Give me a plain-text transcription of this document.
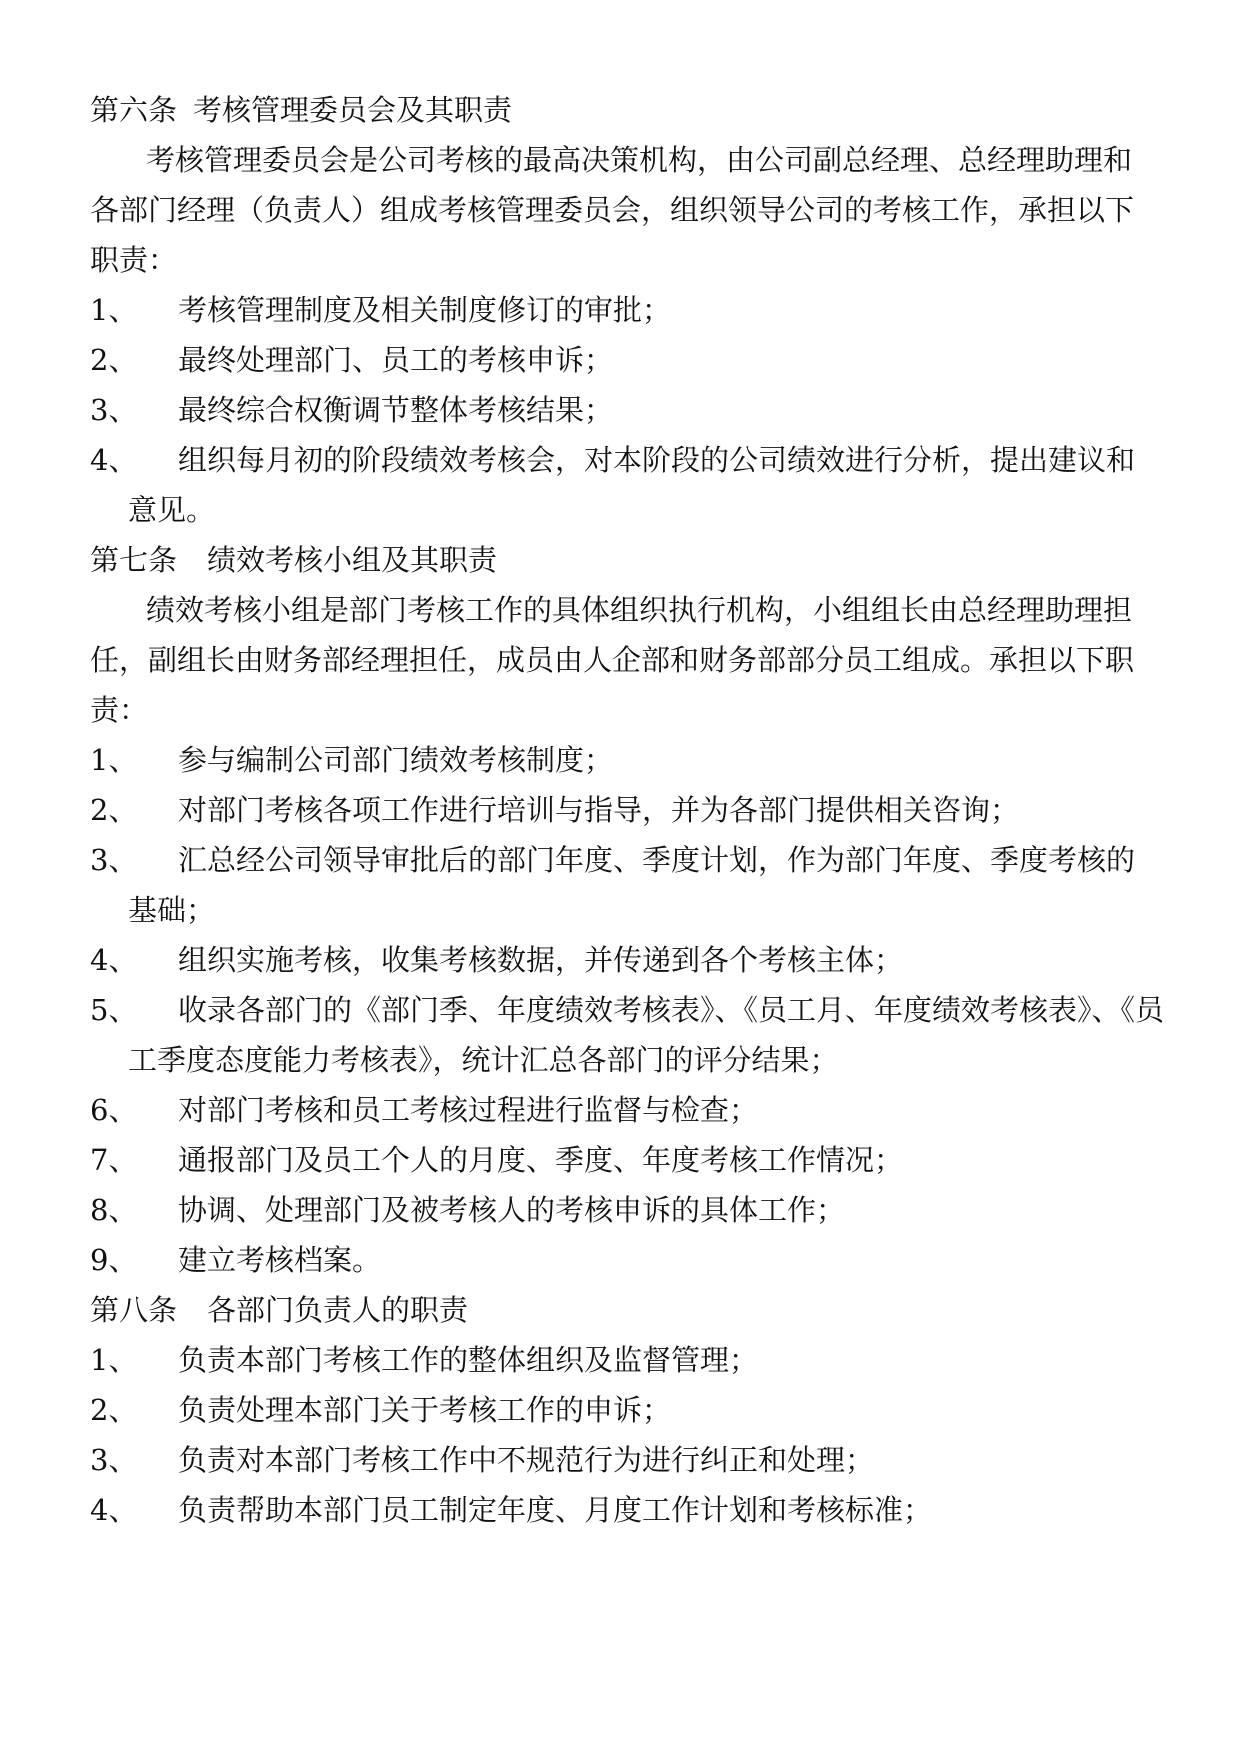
第六条 考核管理委员会及其职责
考核管理委员会是公司考核的最高决策机构，由公司副总经理、总经理助理和
各部门经理（负责人）组成考核管理委员会，组织领导公司的考核工作，承担以下
职责：
1、 考核管理制度及相关制度修订的审批；
2、 最终处理部门、员工的考核申诉；
3、 最终综合权衡调节整体考核结果；
4、 组织每月初的阶段绩效考核会，对本阶段的公司绩效进行分析，提出建议和
意见。
第七条 绩效考核小组及其职责
绩效考核小组是部门考核工作的具体组织执行机构，小组组长由总经理助理担
任，副组长由财务部经理担任，成员由人企部和财务部部分员工组成。承担以下职
责：
1、 参与编制公司部门绩效考核制度；
2、 对部门考核各项工作进行培训与指导，并为各部门提供相关咨询；
3、 汇总经公司领导审批后的部门年度、季度计划，作为部门年度、季度考核的
基础；
4、 组织实施考核，收集考核数据，并传递到各个考核主体；
5、 收录各部门的《部门季、年度绩效考核表》、《员工月、年度绩效考核表》、《员
工季度态度能力考核表》，统计汇总各部门的评分结果；
6、 对部门考核和员工考核过程进行监督与检查；
7、 通报部门及员工个人的月度、季度、年度考核工作情况；
8、 协调、处理部门及被考核人的考核申诉的具体工作；
9、 建立考核档案。
第八条 各部门负责人的职责
1、 负责本部门考核工作的整体组织及监督管理；
2、 负责处理本部门关于考核工作的申诉；
3、 负责对本部门考核工作中不规范行为进行纠正和处理；
4、 负责帮助本部门员工制定年度、月度工作计划和考核标准；
